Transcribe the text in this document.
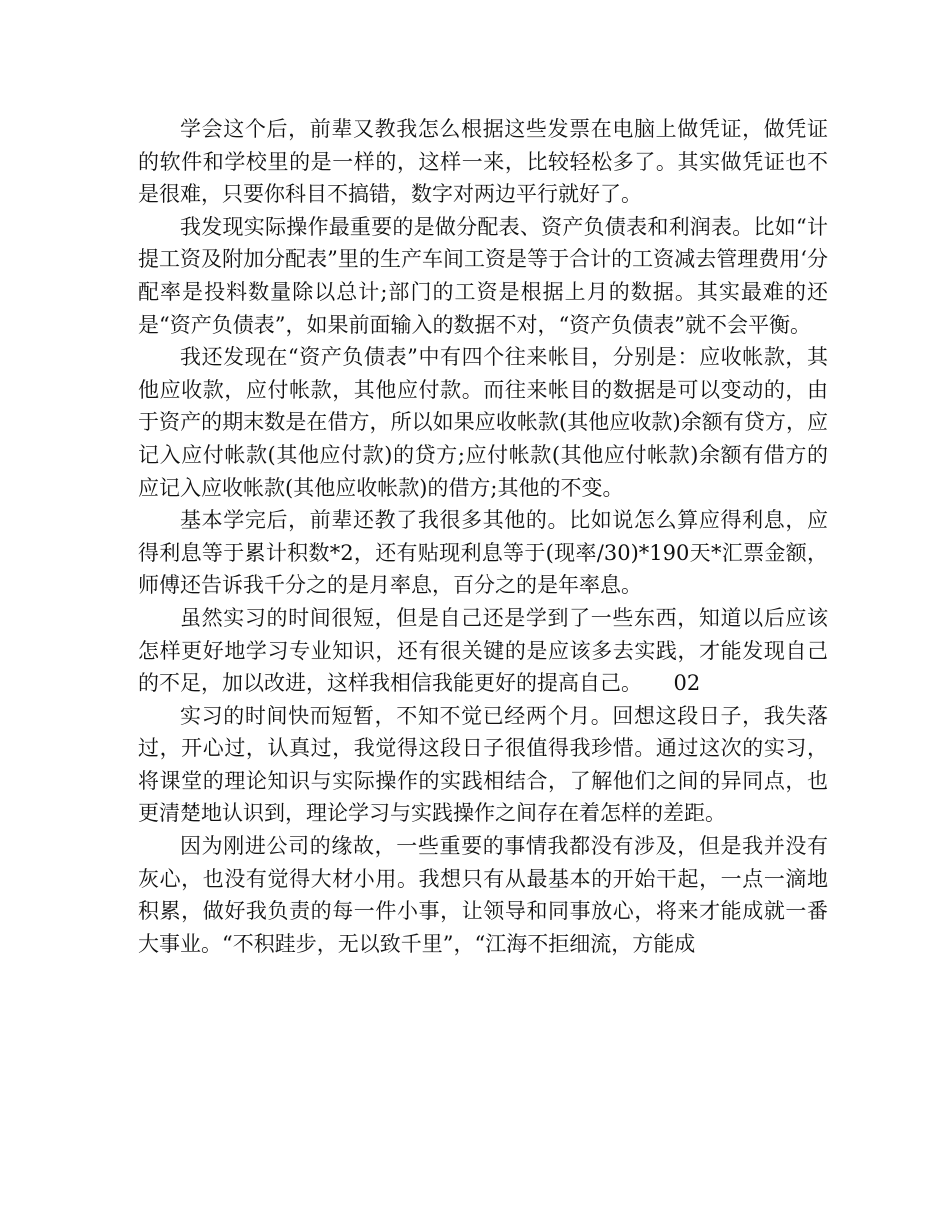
学会这个后，前辈又教我怎么根据这些发票在电脑上做凭证，做凭证的软件和学校里的是一样的，这样一来，比较轻松多了。其实做凭证也不是很难，只要你科目不搞错，数字对两边平行就好了。

我发现实际操作最重要的是做分配表、资产负债表和利润表。比如“计提工资及附加分配表”里的生产车间工资是等于合计的工资减去管理费用‘分配率是投料数量除以总计;部门的工资是根据上月的数据。其实最难的还是“资产负债表”，如果前面输入的数据不对，“资产负债表”就不会平衡。

我还发现在“资产负债表”中有四个往来帐目，分别是：应收帐款，其他应收款，应付帐款，其他应付款。而往来帐目的数据是可以变动的，由于资产的期末数是在借方，所以如果应收帐款(其他应收款)余额有贷方，应记入应付帐款(其他应付款)的贷方;应付帐款(其他应付帐款)余额有借方的应记入应收帐款(其他应收帐款)的借方;其他的不变。

基本学完后，前辈还教了我很多其他的。比如说怎么算应得利息，应得利息等于累计积数*2，还有贴现利息等于(现率/30)*190天*汇票金额，师傅还告诉我千分之的是月率息，百分之的是年率息。

虽然实习的时间很短，但是自己还是学到了一些东西，知道以后应该怎样更好地学习专业知识，还有很关键的是应该多去实践，才能发现自己的不足，加以改进，这样我相信我能更好的提高自己。　　02

实习的时间快而短暂，不知不觉已经两个月。回想这段日子，我失落过，开心过，认真过，我觉得这段日子很值得我珍惜。通过这次的实习，将课堂的理论知识与实际操作的实践相结合，了解他们之间的异同点，也更清楚地认识到，理论学习与实践操作之间存在着怎样的差距。

因为刚进公司的缘故，一些重要的事情我都没有涉及，但是我并没有灰心，也没有觉得大材小用。我想只有从最基本的开始干起，一点一滴地积累，做好我负责的每一件小事，让领导和同事放心，将来才能成就一番大事业。“不积跬步，无以致千里”，“江海不拒细流，方能成
